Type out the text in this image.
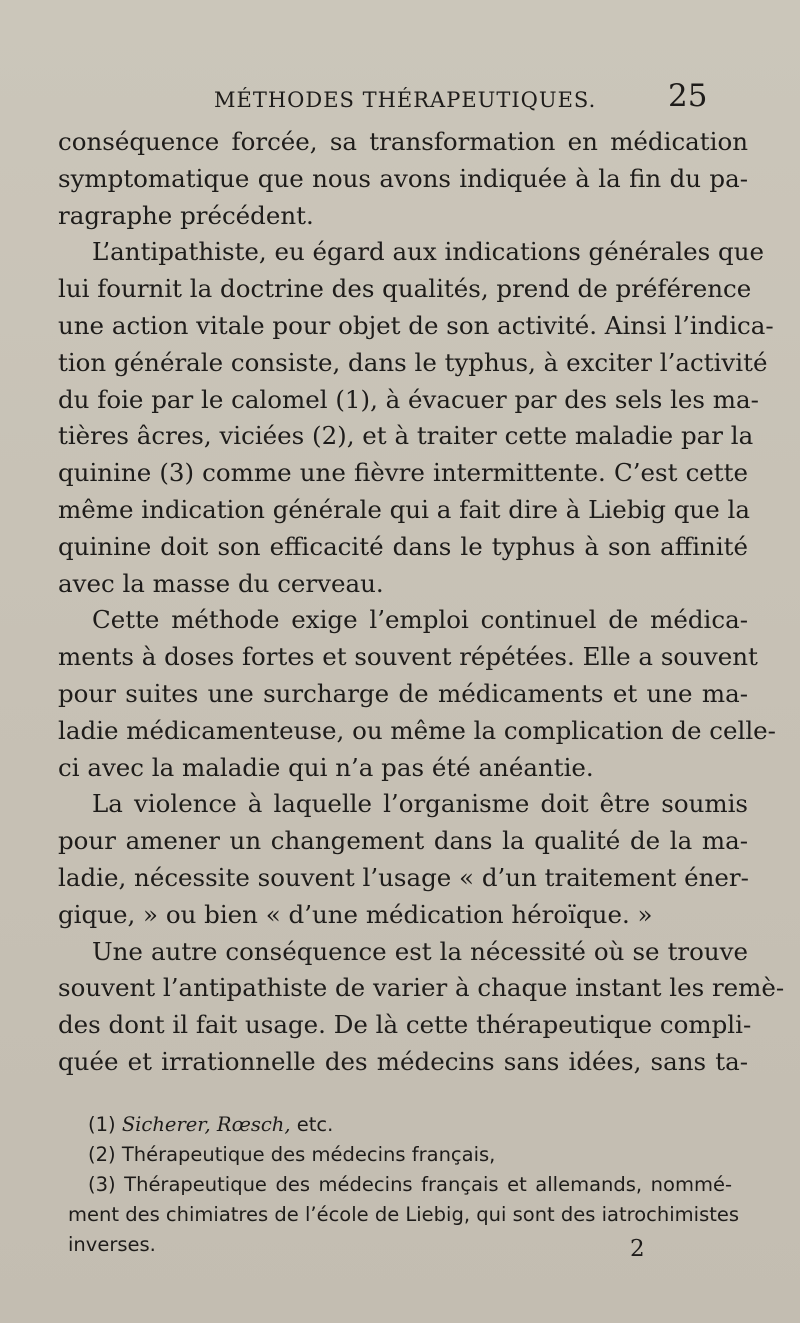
MÉTHODES THÉRAPEUTIQUES. 25
conséquence forcée, sa transformation en médication
symptomatique que nous avons indiquée à la fin du pa-
ragraphe précédent.
L’antipathiste, eu égard aux indications générales que
lui fournit la doctrine des qualités, prend de préférence
une action vitale pour objet de son activité. Ainsi l’indica-
tion générale consiste, dans le typhus, à exciter l’activité
du foie par le calomel (1), à évacuer par des sels les ma-
tières âcres, viciées (2), et à traiter cette maladie par la
quinine (3) comme une fièvre intermittente. C’est cette
même indication générale qui a fait dire à Liebig que la
quinine doit son efficacité dans le typhus à son affinité
avec la masse du cerveau.
Cette méthode exige l’emploi continuel de médica-
ments à doses fortes et souvent répétées. Elle a souvent
pour suites une surcharge de médicaments et une ma-
ladie médicamenteuse, ou même la complication de celle-
ci avec la maladie qui n’a pas été anéantie.
La violence à laquelle l’organisme doit être soumis
pour amener un changement dans la qualité de la ma-
ladie, nécessite souvent l’usage « d’un traitement éner-
gique, » ou bien « d’une médication héroïque. »
Une autre conséquence est la nécessité où se trouve
souvent l’antipathiste de varier à chaque instant les remè-
des dont il fait usage. De là cette thérapeutique compli-
quée et irrationnelle des médecins sans idées, sans ta-
(1) Sicherer, Rœsch, etc.
(2) Thérapeutique des médecins français,
(3) Thérapeutique des médecins français et allemands, nommé-
ment des chimiatres de l’école de Liebig, qui sont des iatrochimistes
inverses.	2
